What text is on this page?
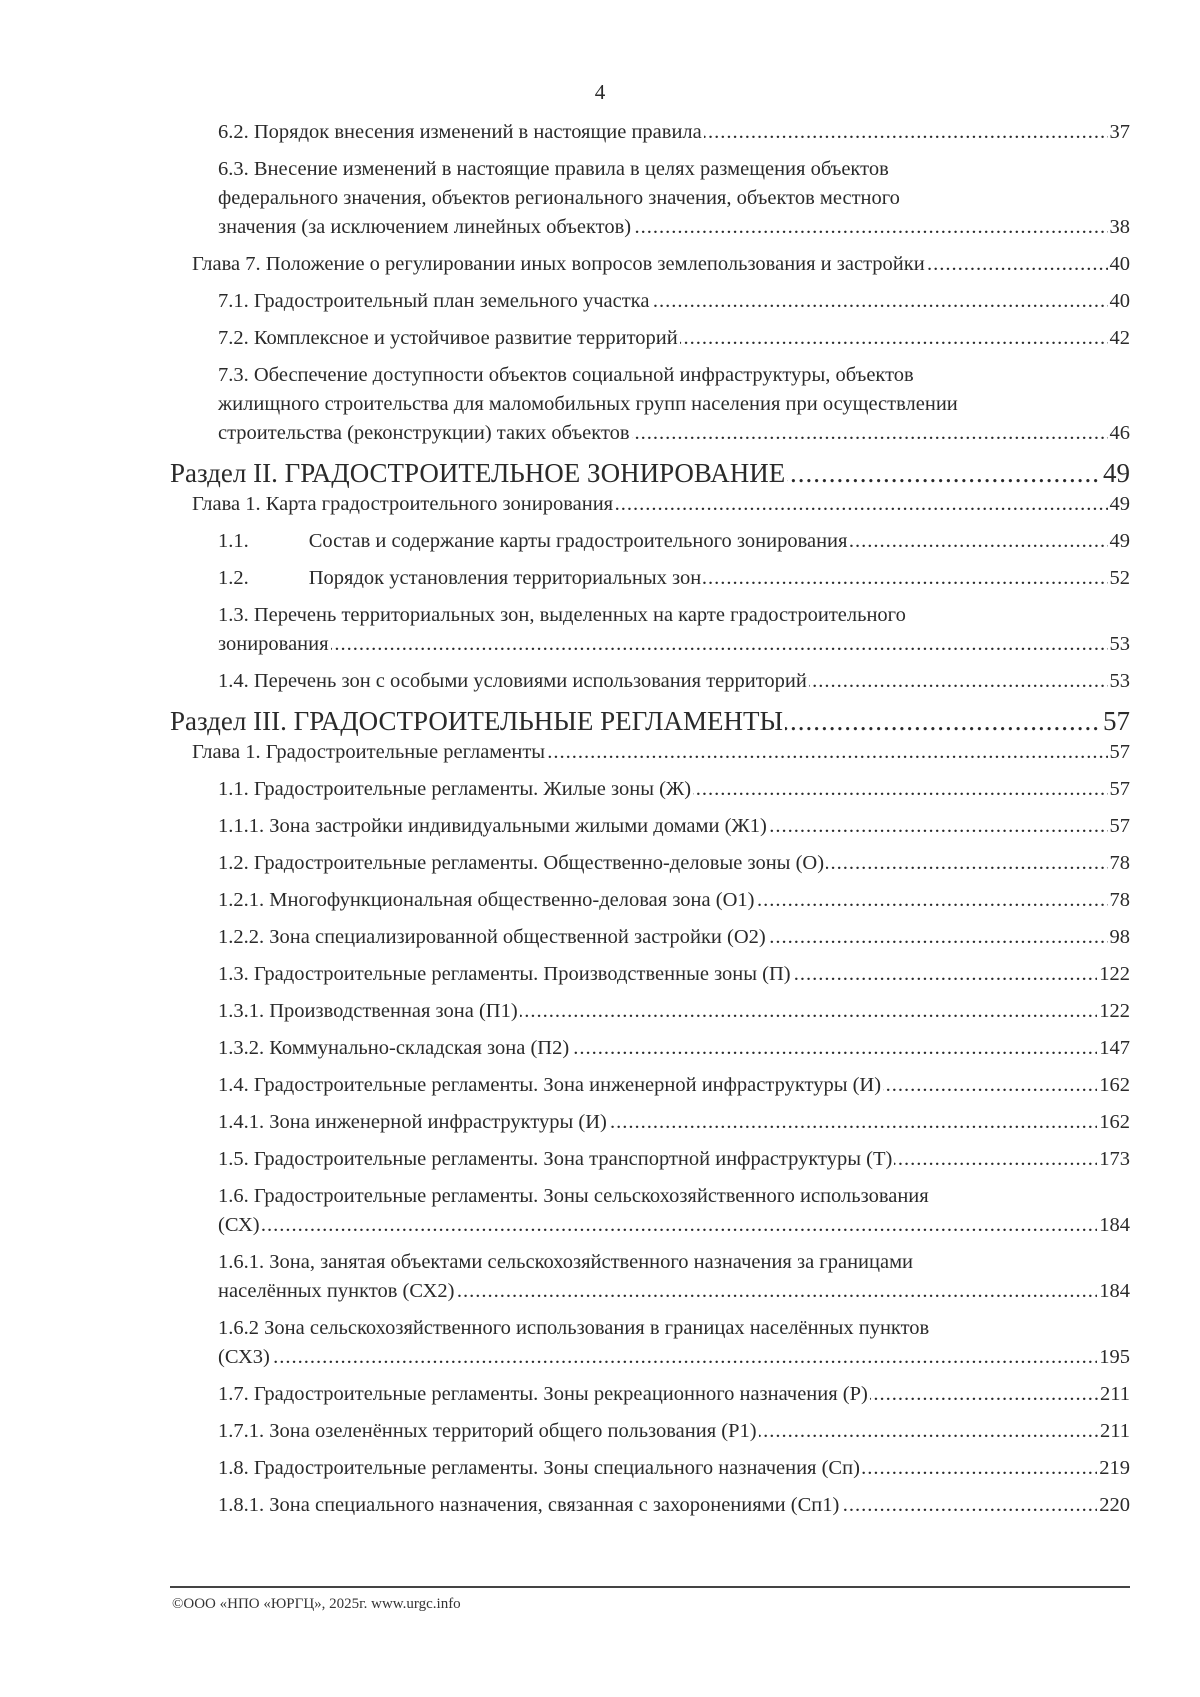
4
..... 6.2. Порядок внесения изменений в настоящие правила	37
6.3. Внесение изменений в настоящие правила в целях размещения объектов
федерального значения, объектов регионального значения, объектов местного
..... значения (за исключением линейных объектов)	38
..... Глава 7. Положение о регулировании иных вопросов землепользования и застройки	40
..... 7.1. Градостроительный план земельного участка	40
..... 7.2. Комплексное и устойчивое развитие территорий	42
7.3. Обеспечение доступности объектов социальной инфраструктуры, объектов
жилищного строительства для маломобильных групп населения при осуществлении
..... строительства (реконструкции) таких объектов	46
..... Раздел II. ГРАДОСТРОИТЕЛЬНОЕ ЗОНИРОВАНИЕ	49
..... Глава 1. Карта градостроительного зонирования	49
..... 1.1.	Состав и содержание карты градостроительного зонирования	49
..... 1.2.	Порядок установления территориальных зон	52
1.3. Перечень территориальных зон, выделенных на карте градостроительного
..... зонирования	53
..... 1.4. Перечень зон с особыми условиями использования территорий	53
..... Раздел III. ГРАДОСТРОИТЕЛЬНЫЕ РЕГЛАМЕНТЫ	57
..... Глава 1. Градостроительные регламенты	57
..... 1.1. Градостроительные регламенты. Жилые зоны (Ж)	57
..... 1.1.1. Зона застройки индивидуальными жилыми домами (Ж1)	57
..... 1.2. Градостроительные регламенты. Общественно-деловые зоны (О)	78
..... 1.2.1. Многофункциональная общественно-деловая зона (О1)	78
..... 1.2.2. Зона специализированной общественной застройки (О2)	98
..... 1.3. Градостроительные регламенты. Производственные зоны (П)	122
..... 1.3.1. Производственная зона (П1)	122
..... 1.3.2. Коммунально-складская зона (П2)	147
..... 1.4. Градостроительные регламенты. Зона инженерной инфраструктуры (И)	162
..... 1.4.1. Зона инженерной инфраструктуры (И)	162
..... 1.5. Градостроительные регламенты. Зона транспортной инфраструктуры (Т)	173
1.6. Градостроительные регламенты. Зоны сельскохозяйственного использования
..... (СХ)	184
1.6.1. Зона, занятая объектами сельскохозяйственного назначения за границами
..... населённых пунктов (СХ2)	184
1.6.2 Зона сельскохозяйственного использования в границах населённых пунктов
..... (СХ3)	195
..... 1.7. Градостроительные регламенты. Зоны рекреационного назначения (Р)	211
..... 1.7.1. Зона озеленённых территорий общего пользования (Р1)	211
..... 1.8. Градостроительные регламенты. Зоны специального назначения (Сп)	219
..... 1.8.1. Зона специального назначения, связанная с захоронениями (Сп1)	220
©ООО «НПО «ЮРГЦ», 2025г. www.urgc.info
